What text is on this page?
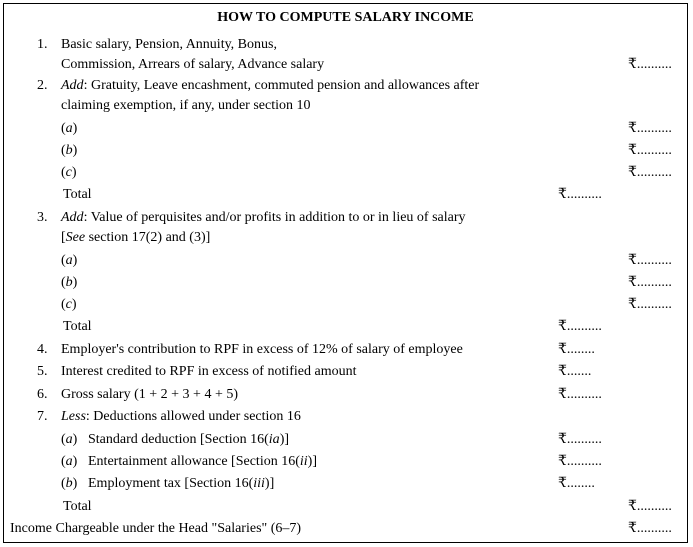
HOW TO COMPUTE SALARY INCOME
1. Basic salary, Pension, Annuity, Bonus,
Commission, Arrears of salary, Advance salary	₹..........
2. Add: Gratuity, Leave encashment, commuted pension and allowances after
claiming exemption, if any, under section 10
(a)	₹..........
(b)	₹..........
(c)	₹..........
Total	₹..........
3. Add: Value of perquisites and/or profits in addition to or in lieu of salary
[See section 17(2) and (3)]
(a)	₹..........
(b)	₹..........
(c)	₹..........
Total	₹..........
4. Employer's contribution to RPF in excess of 12% of salary of employee	₹........
5. Interest credited to RPF in excess of notified amount	₹.......
6. Gross salary (1 + 2 + 3 + 4 + 5)	₹..........
7. Less: Deductions allowed under section 16
(a) Standard deduction [Section 16(ia)]	₹..........
(a) Entertainment allowance [Section 16(ii)]	₹..........
(b) Employment tax [Section 16(iii)]	₹........
Total	₹..........
Income Chargeable under the Head "Salaries" (6–7)	₹..........
